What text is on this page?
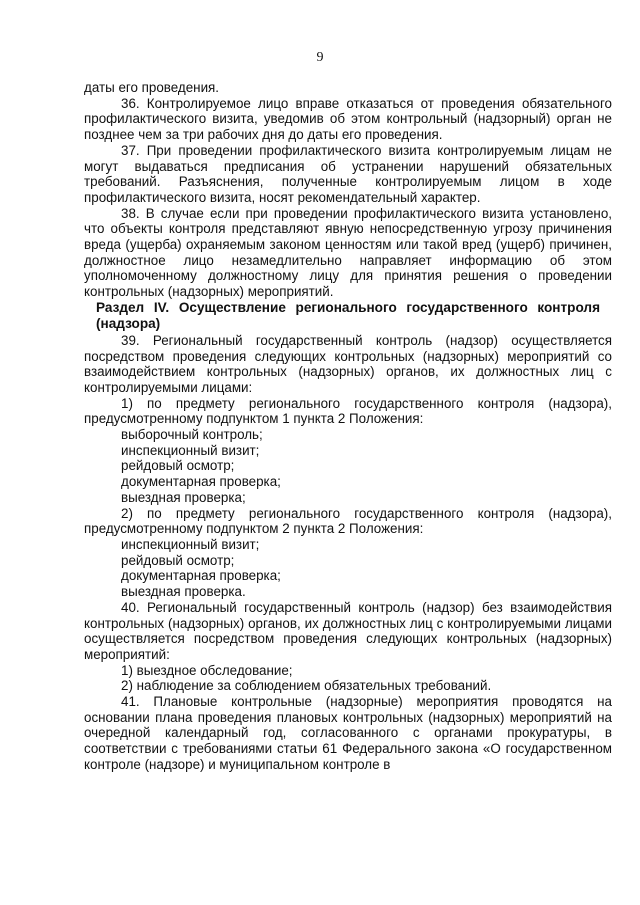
9

даты его проведения.

36. Контролируемое лицо вправе отказаться от проведения обязательного профилактического визита, уведомив об этом контрольный (надзорный) орган не позднее чем за три рабочих дня до даты его проведения.

37. При проведении профилактического визита контролируемым лицам не могут выдаваться предписания об устранении нарушений обязательных требований. Разъяснения, полученные контролируемым лицом в ходе профилактического визита, носят рекомендательный характер.

38. В случае если при проведении профилактического визита установлено, что объекты контроля представляют явную непосредственную угрозу причинения вреда (ущерба) охраняемым законом ценностям или такой вред (ущерб) причинен, должностное лицо незамедлительно направляет информацию об этом уполномоченному должностному лицу для принятия решения о проведении контрольных (надзорных) мероприятий.

Раздел IV. Осуществление регионального государственного контроля (надзора)

39. Региональный государственный контроль (надзор) осуществляется посредством проведения следующих контрольных (надзорных) мероприятий со взаимодействием контрольных (надзорных) органов, их должностных лиц с контролируемыми лицами:

1) по предмету регионального государственного контроля (надзора), предусмотренному подпунктом 1 пункта 2 Положения:

выборочный контроль;

инспекционный визит;

рейдовый осмотр;

документарная проверка;

выездная проверка;

2) по предмету регионального государственного контроля (надзора), предусмотренному подпунктом 2 пункта 2 Положения:

инспекционный визит;

рейдовый осмотр;

документарная проверка;

выездная проверка.

40. Региональный государственный контроль (надзор) без взаимодействия контрольных (надзорных) органов, их должностных лиц с контролируемыми лицами осуществляется посредством проведения следующих контрольных (надзорных) мероприятий:

1) выездное обследование;

2) наблюдение за соблюдением обязательных требований.

41. Плановые контрольные (надзорные) мероприятия проводятся на основании плана проведения плановых контрольных (надзорных) мероприятий на очередной календарный год, согласованного с органами прокуратуры, в соответствии с требованиями статьи 61 Федерального закона «О государственном контроле (надзоре) и муниципальном контроле в
